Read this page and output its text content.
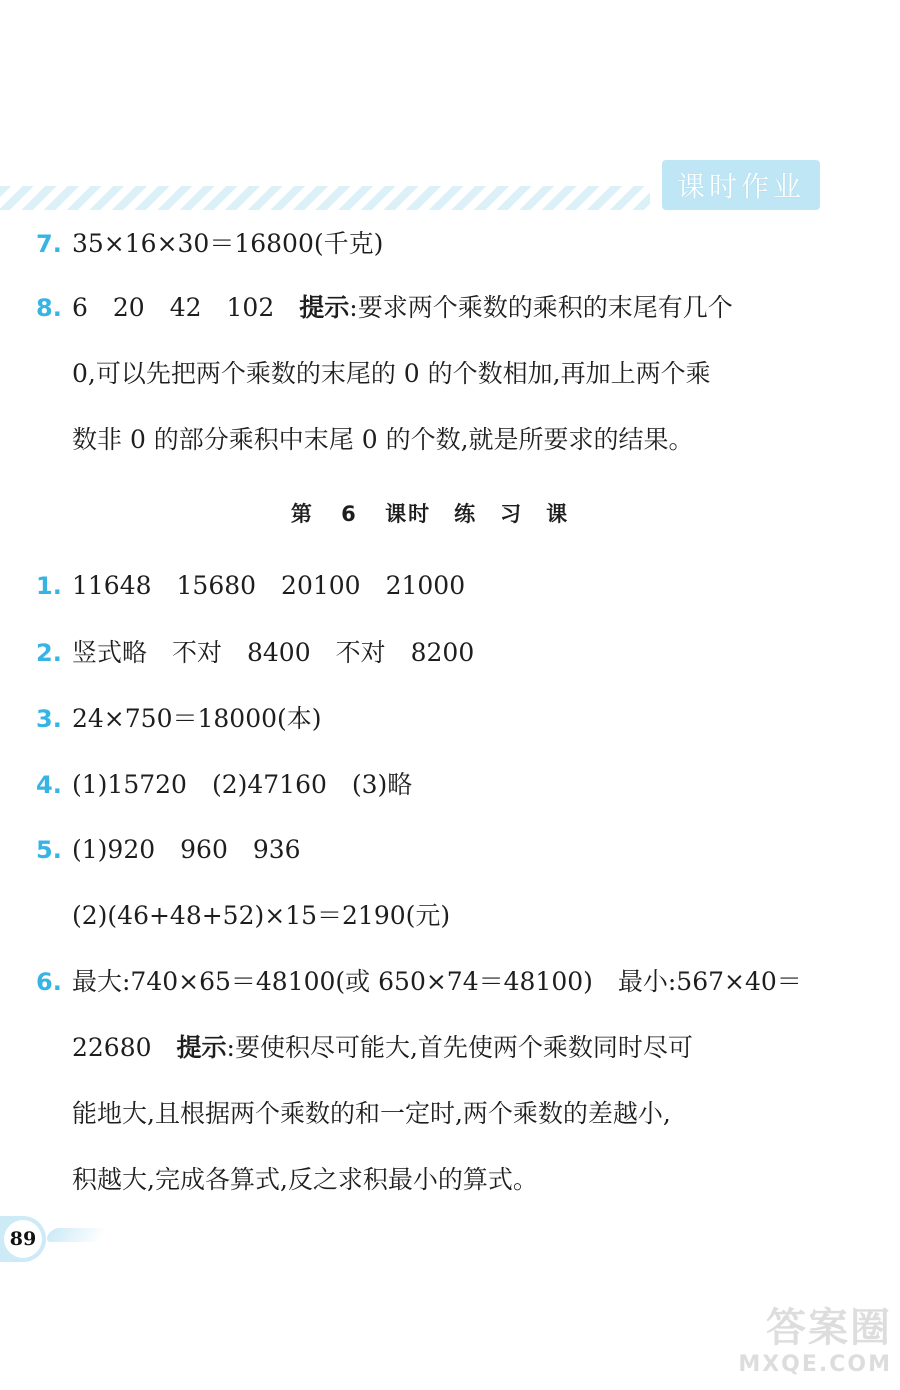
课时作业
7. 35×16×30＝16800(千克)
8. 6　20　42　102　提示:要求两个乘数的乘积的末尾有几个
0,可以先把两个乘数的末尾的 0 的个数相加,再加上两个乘
数非 0 的部分乘积中末尾 0 的个数,就是所要求的结果。
第 6 课时　练　习　课
1. 11648　15680　20100　21000
2. 竖式略　不对　8400　不对　8200
3. 24×750＝18000(本)
4. (1)15720　(2)47160　(3)略
5. (1)920　960　936
(2)(46+48+52)×15＝2190(元)
6. 最大:740×65＝48100(或 650×74＝48100)　最小:567×40＝
22680　提示:要使积尽可能大,首先使两个乘数同时尽可
能地大,且根据两个乘数的和一定时,两个乘数的差越小,
积越大,完成各算式,反之求积最小的算式。
89
答案圈
MXQE.COM
